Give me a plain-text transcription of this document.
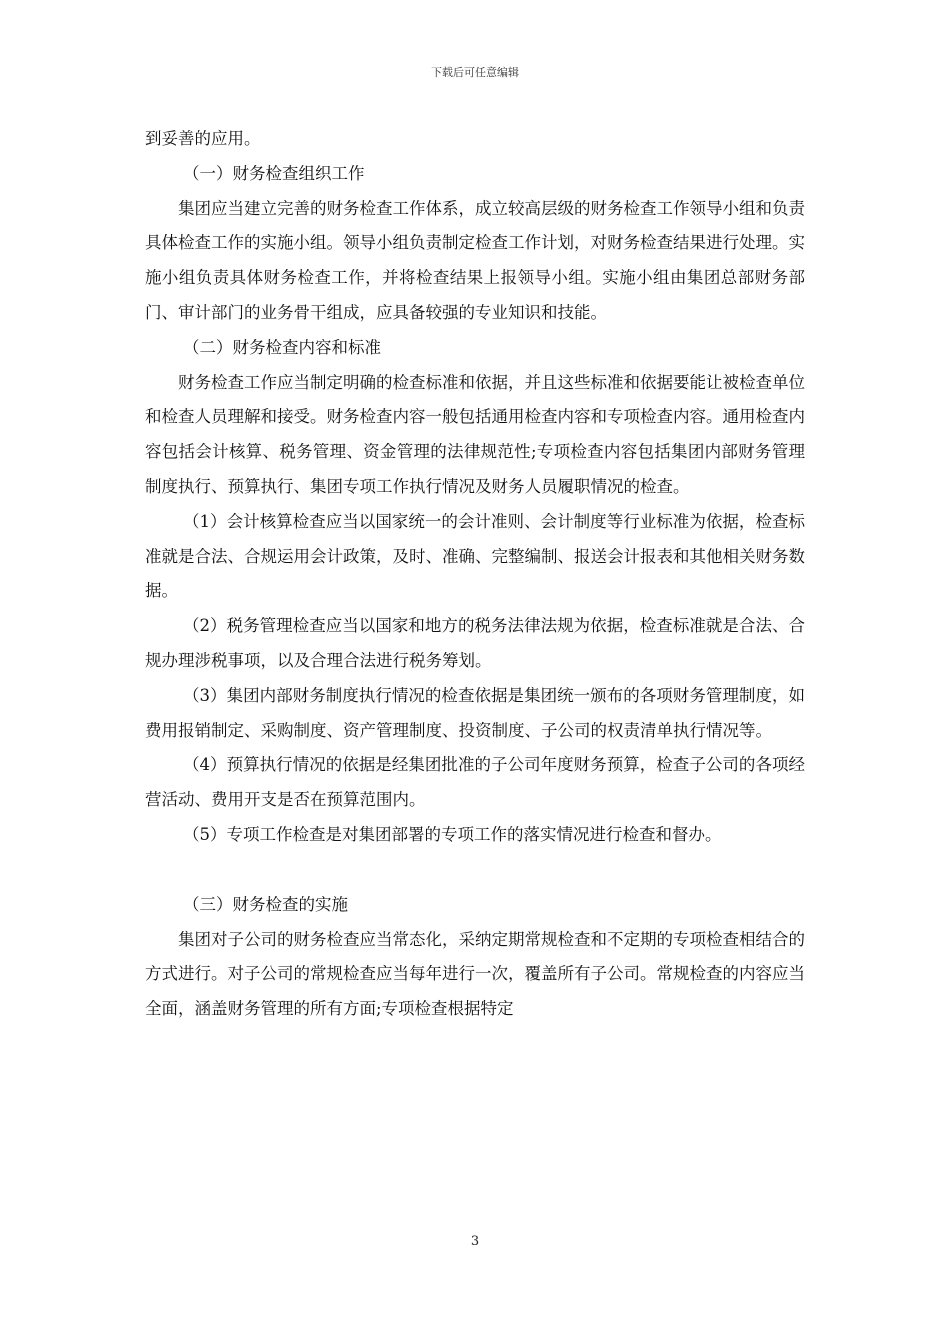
下载后可任意编辑

到妥善的应用。

（一）财务检查组织工作

集团应当建立完善的财务检查工作体系，成立较高层级的财务检查工作领导小组和负责具体检查工作的实施小组。领导小组负责制定检查工作计划，对财务检查结果进行处理。实施小组负责具体财务检查工作，并将检查结果上报领导小组。实施小组由集团总部财务部门、审计部门的业务骨干组成，应具备较强的专业知识和技能。

（二）财务检查内容和标准

财务检查工作应当制定明确的检查标准和依据，并且这些标准和依据要能让被检查单位和检查人员理解和接受。财务检查内容一般包括通用检查内容和专项检查内容。通用检查内容包括会计核算、税务管理、资金管理的法律规范性;专项检查内容包括集团内部财务管理制度执行、预算执行、集团专项工作执行情况及财务人员履职情况的检查。

（1）会计核算检查应当以国家统一的会计准则、会计制度等行业标准为依据，检查标准就是合法、合规运用会计政策，及时、准确、完整编制、报送会计报表和其他相关财务数据。

（2）税务管理检查应当以国家和地方的税务法律法规为依据，检查标准就是合法、合规办理涉税事项，以及合理合法进行税务筹划。

（3）集团内部财务制度执行情况的检查依据是集团统一颁布的各项财务管理制度，如费用报销制定、采购制度、资产管理制度、投资制度、子公司的权责清单执行情况等。

（4）预算执行情况的依据是经集团批准的子公司年度财务预算，检查子公司的各项经营活动、费用开支是否在预算范围内。

（5）专项工作检查是对集团部署的专项工作的落实情况进行检查和督办。

（三）财务检查的实施

集团对子公司的财务检查应当常态化，采纳定期常规检查和不定期的专项检查相结合的方式进行。对子公司的常规检查应当每年进行一次，覆盖所有子公司。常规检查的内容应当全面，涵盖财务管理的所有方面;专项检查根据特定

3
